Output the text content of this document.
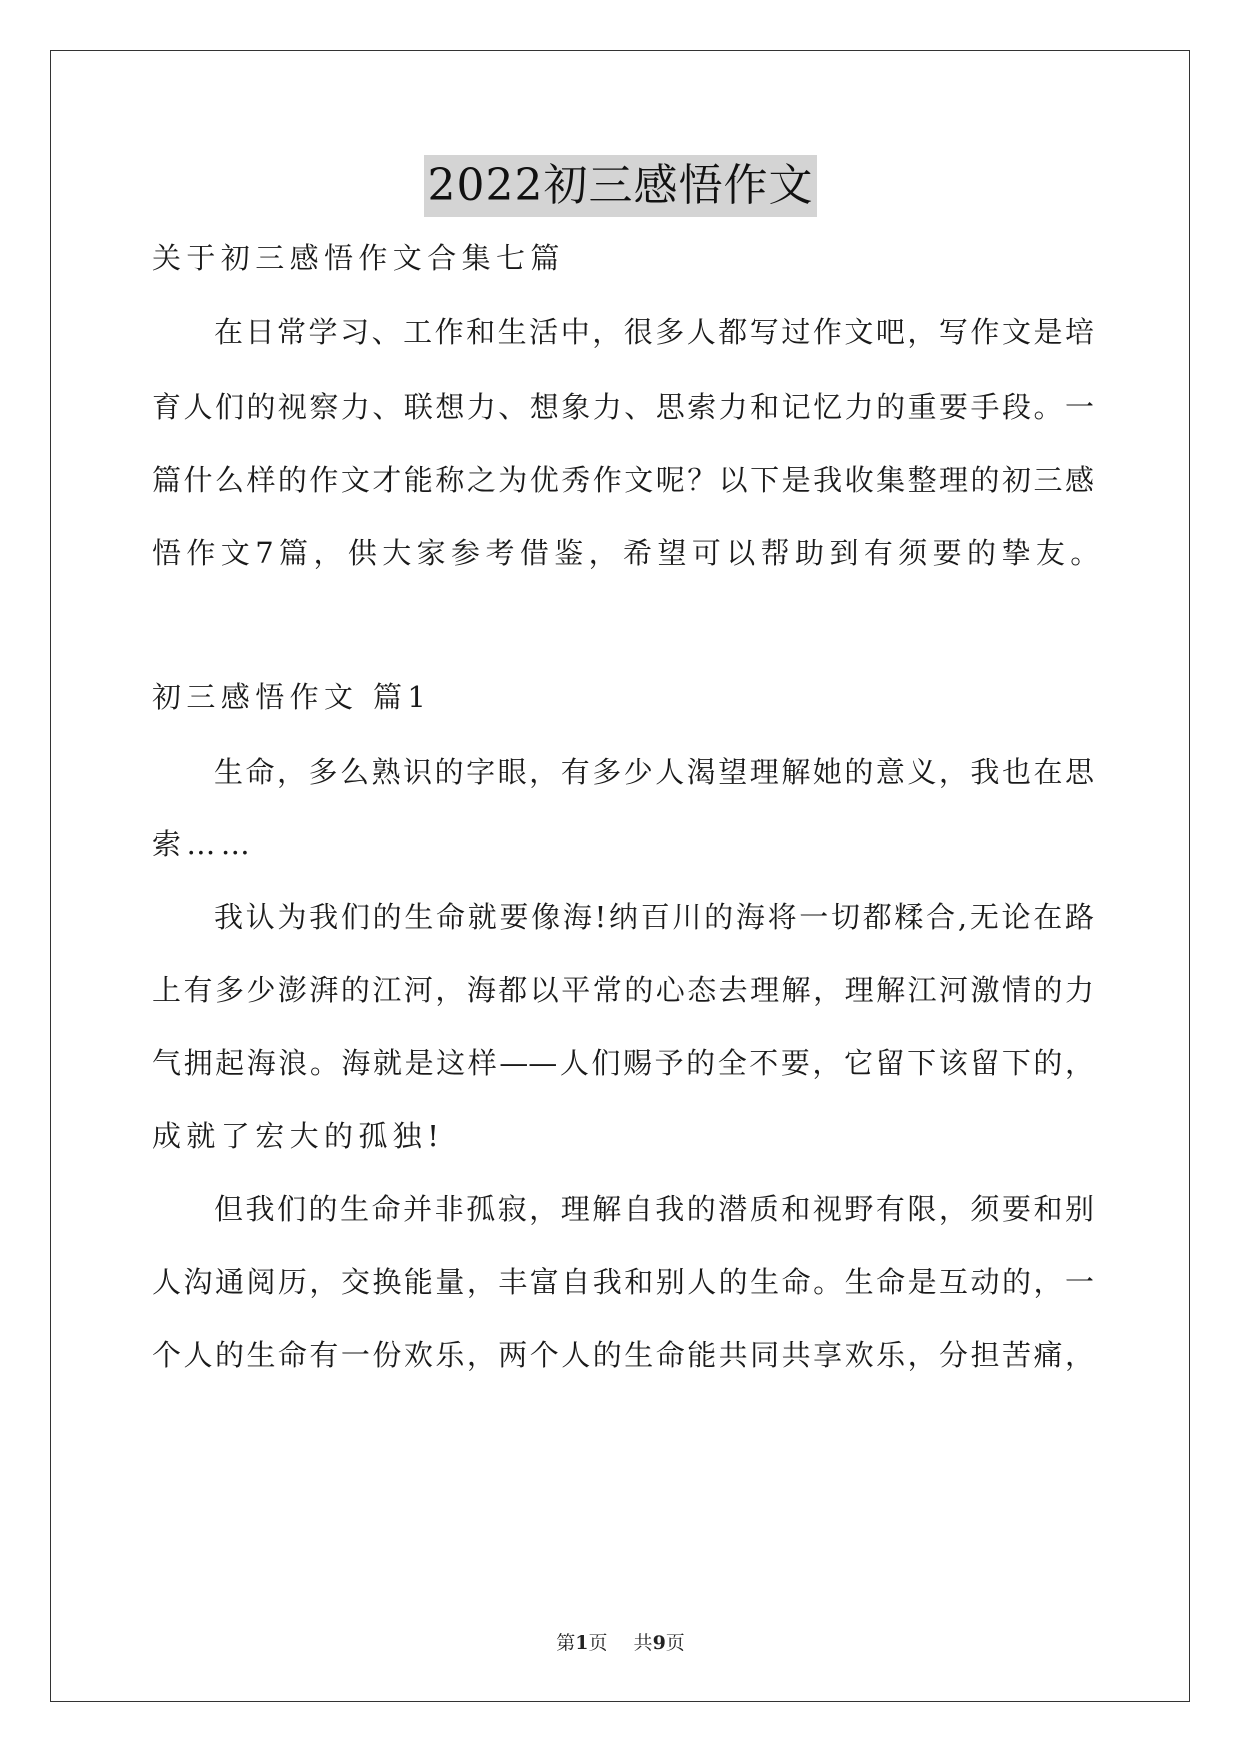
2022初三感悟作文
关于初三感悟作文合集七篇
在日常学习、工作和生活中，很多人都写过作文吧，写作文是培
育人们的视察力、联想力、想象力、思索力和记忆力的重要手段。一
篇什么样的作文才能称之为优秀作文呢？以下是我收集整理的初三感
悟作文7篇，供大家参考借鉴，希望可以帮助到有须要的挚友。
初三感悟作文 篇1
生命，多么熟识的字眼，有多少人渴望理解她的意义，我也在思
索……
我认为我们的生命就要像海!纳百川的海将一切都糅合,无论在路
上有多少澎湃的江河，海都以平常的心态去理解，理解江河激情的力
气拥起海浪。海就是这样——人们赐予的全不要，它留下该留下的，
成就了宏大的孤独!
但我们的生命并非孤寂，理解自我的潜质和视野有限，须要和别
人沟通阅历，交换能量，丰富自我和别人的生命。生命是互动的，一
个人的生命有一份欢乐，两个人的生命能共同共享欢乐，分担苦痛，
第1页 共9页
